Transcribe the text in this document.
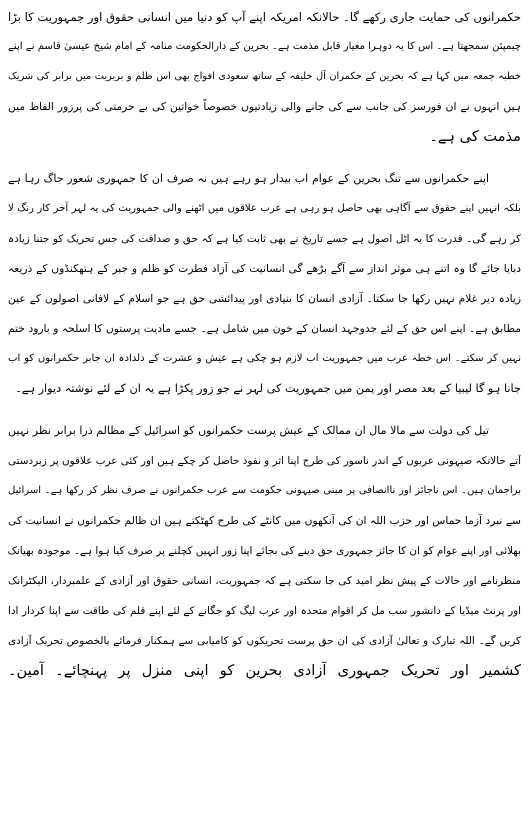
حکمرانوں کی حمایت جاری رکھے گا۔ حالانکہ امریکہ اپنے آپ کو دنیا میں انسانی حقوق اور جمہوریت کا بڑا
چیمپئن سمجھتا ہے۔ اس کا یہ دوہرا معیار قابل مذمت ہے۔ بحرین کے دارالحکومت منامہ کے امام شیخ عیسیٰ قاسم نے اپنے
خطبہ جمعہ میں کہا ہے کہ بحرین کے حکمران آل خلیفہ کے ساتھ سعودی افواج بھی اس ظلم و بربریت میں برابر کی شریک
ہیں انہوں نے ان فورسز کی جانب سے کی جانے والی زیادتیوں خصوصاً خواتین کی بے حرمتی کی پرزور الفاظ میں
مذمت کی ہے۔
اپنے حکمرانوں سے تنگ بحرین کے عوام اب بیدار ہو رہے ہیں نہ صرف ان کا جمہوری شعور جاگ رہا ہے
بلکہ انہیں اپنے حقوق سے آگاہی بھی حاصل ہو رہی ہے عرب علاقوں میں اٹھنے والی جمہوریت کی یہ لہر آخر کار رنگ لا
کر رہے گی۔ قدرت کا یہ اٹل اصول ہے جسے تاریخ نے بھی ثابت کیا ہے کہ حق و صداقت کی جس تحریک کو جتنا زیادہ
دبایا جائے گا وہ اتنے ہی موثر انداز سے آگے بڑھے گی انسانیت کی آزاد فطرت کو ظلم و جبر کے ہتھکنڈوں کے ذریعہ
زیادہ دیر غلام نہیں رکھا جا سکتا۔ آزادی انسان کا بنیادی اور پیدائشی حق ہے جو اسلام کے لافانی اصولوں کے عین
مطابق ہے۔ اپنے اس حق کے لئے جدوجہد انسان کے خون میں شامل ہے۔ جسے مادیت پرستوں کا اسلحہ و بارود ختم
نہیں کر سکتے۔ اس خطہ عرب میں جمہوریت اب لازم ہو چکی ہے عیش و عشرت کے دلدادہ ان جابر حکمرانوں کو اب
جانا ہو گا لیبیا کے بعد مصر اور یمن میں جمہوریت کی لہر نے جو زور پکڑا ہے یہ ان کے لئے نوشتہ دیوار ہے۔
تیل کی دولت سے مالا مال ان ممالک کے عیش پرست حکمرانوں کو اسرائیل کے مظالم ذرا برابر نظر نہیں
آتے حالانکہ صیہونی عربوں کے اندر ناسور کی طرح اپنا اثر و نفوذ حاصل کر چکے ہیں اور کئی عرب علاقوں پر زبردستی
براجمان ہیں۔ اس ناجائز اور ناانصافی پر مبنی صیہونی حکومت سے عرب حکمرانوں نے صرف نظر کر رکھا ہے۔ اسرائیل
سے نبرد آزما حماس اور حزب اللہ ان کی آنکھوں میں کانٹے کی طرح کھٹکتے ہیں ان ظالم حکمرانوں نے انسانیت کی
بھلائی اور اپنے عوام کو ان کا جائز جمہوری حق دینے کی بجائے اپنا زور انہیں کچلنے پر صرف کیا ہوا ہے۔ موجودہ بھیانک
منظرنامے اور حالات کے پیش نظر امید کی جا سکتی ہے کہ جمہوریت، انسانی حقوق اور آزادی کے علمبردار، الیکٹرانک
اور پرنٹ میڈیا کے دانشور سب مل کر اقوام متحدہ اور عرب لیگ کو جگانے کے لئے اپنے قلم کی طاقت سے اپنا کردار ادا
کریں گے۔ اللہ تبارک و تعالیٰ آزادی کی ان حق پرست تحریکوں کو کامیابی سے ہمکنار فرمائے بالخصوص تحریک آزادی
کشمیر اور تحریک جمہوری آزادی بحرین کو اپنی منزل پر پہنچائے۔ آمین۔
